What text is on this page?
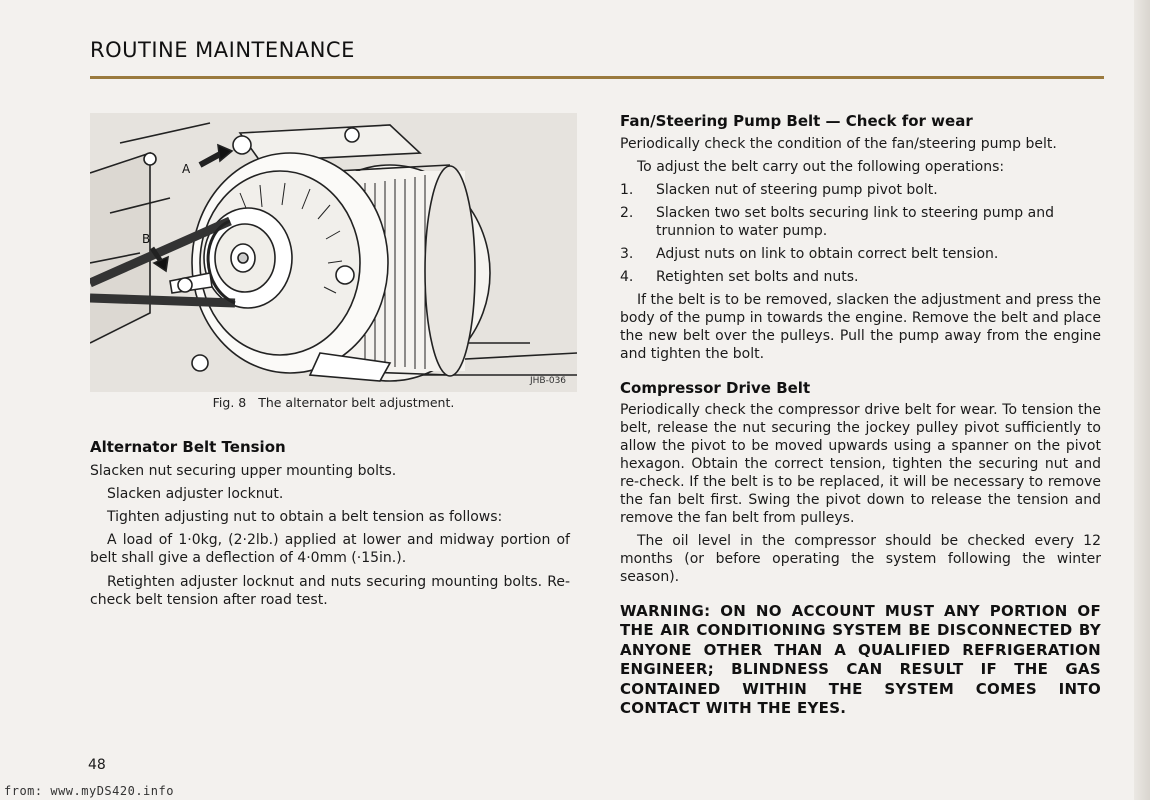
ROUTINE MAINTENANCE
A
B
JHB-036
Fig. 8 The alternator belt adjustment.
Alternator Belt Tension

Slacken nut securing upper mounting bolts.

Slacken adjuster locknut.

Tighten adjusting nut to obtain a belt tension as follows:

A load of 1·0kg, (2·2lb.) applied at lower and midway portion of belt shall give a deflection of 4·0mm (·15in.).

Retighten adjuster locknut and nuts securing mounting bolts. Re-check belt tension after road test.

Fan/Steering Pump Belt — Check for wear

Periodically check the condition of the fan/steering pump belt.

To adjust the belt carry out the following operations:

1.	Slacken nut of steering pump pivot bolt.
2.	Slacken two set bolts securing link to steering pump and trunnion to water pump.
3.	Adjust nuts on link to obtain correct belt tension.
4.	Retighten set bolts and nuts.

If the belt is to be removed, slacken the adjustment and press the body of the pump in towards the engine. Remove the belt and place the new belt over the pulleys. Pull the pump away from the engine and tighten the bolt.

Compressor Drive Belt

Periodically check the compressor drive belt for wear. To tension the belt, release the nut securing the jockey pulley pivot sufficiently to allow the pivot to be moved upwards using a spanner on the pivot hexagon. Obtain the correct tension, tighten the securing nut and re-check. If the belt is to be replaced, it will be necessary to remove the fan belt first. Swing the pivot down to release the tension and remove the fan belt from pulleys.

The oil level in the compressor should be checked every 12 months (or before operating the system following the winter season).

WARNING: ON NO ACCOUNT MUST ANY PORTION OF THE AIR CONDITIONING SYSTEM BE DISCONNECTED BY ANYONE OTHER THAN A QUALIFIED REFRIGERATION ENGINEER; BLINDNESS CAN RESULT IF THE GAS CONTAINED WITHIN THE SYSTEM COMES INTO CONTACT WITH THE EYES.

48
from: www.myDS420.info
